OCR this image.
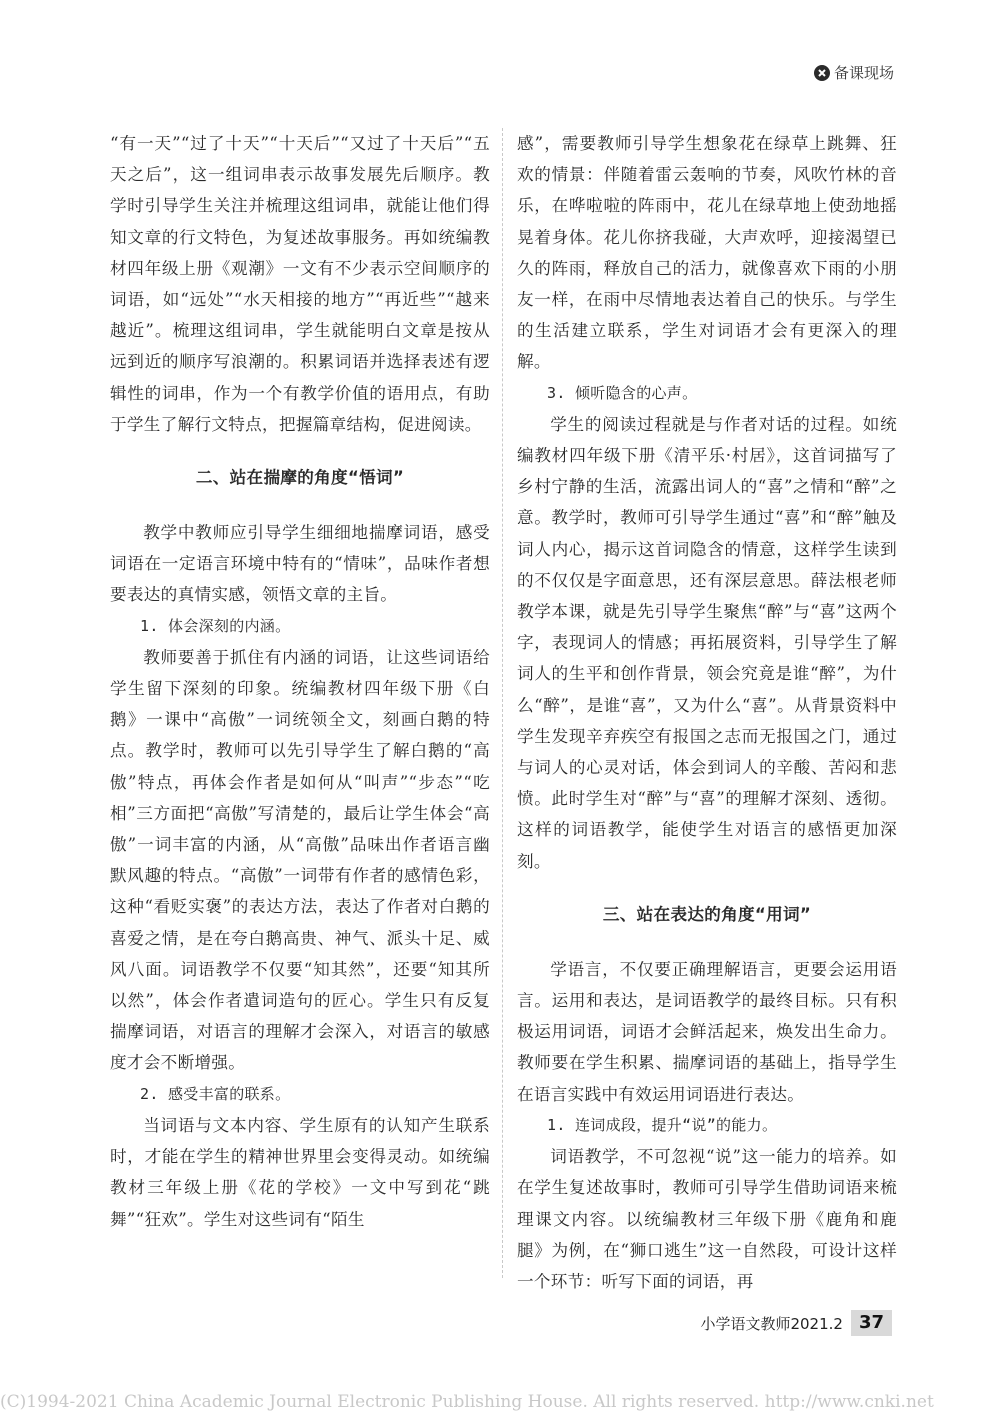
备课现场

“有一天”“过了十天”“十天后”“又过了十天后”“五天之后”，这一组词串表示故事发展先后顺序。教学时引导学生关注并梳理这组词串，就能让他们得知文章的行文特色，为复述故事服务。再如统编教材四年级上册《观潮》一文有不少表示空间顺序的词语，如“远处”“水天相接的地方”“再近些”“越来越近”。梳理这组词串，学生就能明白文章是按从远到近的顺序写浪潮的。积累词语并选择表述有逻辑性的词串，作为一个有教学价值的语用点，有助于学生了解行文特点，把握篇章结构，促进阅读。

二、站在揣摩的角度“悟词”

教学中教师应引导学生细细地揣摩词语，感受词语在一定语言环境中特有的“情味”，品味作者想要表达的真情实感，领悟文章的主旨。

1. 体会深刻的内涵。

教师要善于抓住有内涵的词语，让这些词语给学生留下深刻的印象。统编教材四年级下册《白鹅》一课中“高傲”一词统领全文，刻画白鹅的特点。教学时，教师可以先引导学生了解白鹅的“高傲”特点，再体会作者是如何从“叫声”“步态”“吃相”三方面把“高傲”写清楚的，最后让学生体会“高傲”一词丰富的内涵，从“高傲”品味出作者语言幽默风趣的特点。“高傲”一词带有作者的感情色彩，这种“看贬实褒”的表达方法，表达了作者对白鹅的喜爱之情，是在夸白鹅高贵、神气、派头十足、威风八面。词语教学不仅要“知其然”，还要“知其所以然”，体会作者遣词造句的匠心。学生只有反复揣摩词语，对语言的理解才会深入，对语言的敏感度才会不断增强。

2. 感受丰富的联系。

当词语与文本内容、学生原有的认知产生联系时，才能在学生的精神世界里会变得灵动。如统编教材三年级上册《花的学校》一文中写到花“跳舞”“狂欢”。学生对这些词有“陌生

感”，需要教师引导学生想象花在绿草上跳舞、狂欢的情景：伴随着雷云轰响的节奏，风吹竹林的音乐，在哗啦啦的阵雨中，花儿在绿草地上使劲地摇晃着身体。花儿你挤我碰，大声欢呼，迎接渴望已久的阵雨，释放自己的活力，就像喜欢下雨的小朋友一样，在雨中尽情地表达着自己的快乐。与学生的生活建立联系，学生对词语才会有更深入的理解。

3. 倾听隐含的心声。

学生的阅读过程就是与作者对话的过程。如统编教材四年级下册《清平乐·村居》，这首词描写了乡村宁静的生活，流露出词人的“喜”之情和“醉”之意。教学时，教师可引导学生通过“喜”和“醉”触及词人内心，揭示这首词隐含的情意，这样学生读到的不仅仅是字面意思，还有深层意思。薛法根老师教学本课，就是先引导学生聚焦“醉”与“喜”这两个字，表现词人的情感；再拓展资料，引导学生了解词人的生平和创作背景，领会究竟是谁“醉”，为什么“醉”，是谁“喜”，又为什么“喜”。从背景资料中学生发现辛弃疾空有报国之志而无报国之门，通过与词人的心灵对话，体会到词人的辛酸、苦闷和悲愤。此时学生对“醉”与“喜”的理解才深刻、透彻。这样的词语教学，能使学生对语言的感悟更加深刻。

三、站在表达的角度“用词”

学语言，不仅要正确理解语言，更要会运用语言。运用和表达，是词语教学的最终目标。只有积极运用词语，词语才会鲜活起来，焕发出生命力。教师要在学生积累、揣摩词语的基础上，指导学生在语言实践中有效运用词语进行表达。

1. 连词成段，提升“说”的能力。

词语教学，不可忽视“说”这一能力的培养。如在学生复述故事时，教师可引导学生借助词语来梳理课文内容。以统编教材三年级下册《鹿角和鹿腿》为例，在“狮口逃生”这一自然段，可设计这样一个环节：听写下面的词语，再

小学语文教师2021.2 37
(C)1994-2021 China Academic Journal Electronic Publishing House. All rights reserved. http://www.cnki.net
